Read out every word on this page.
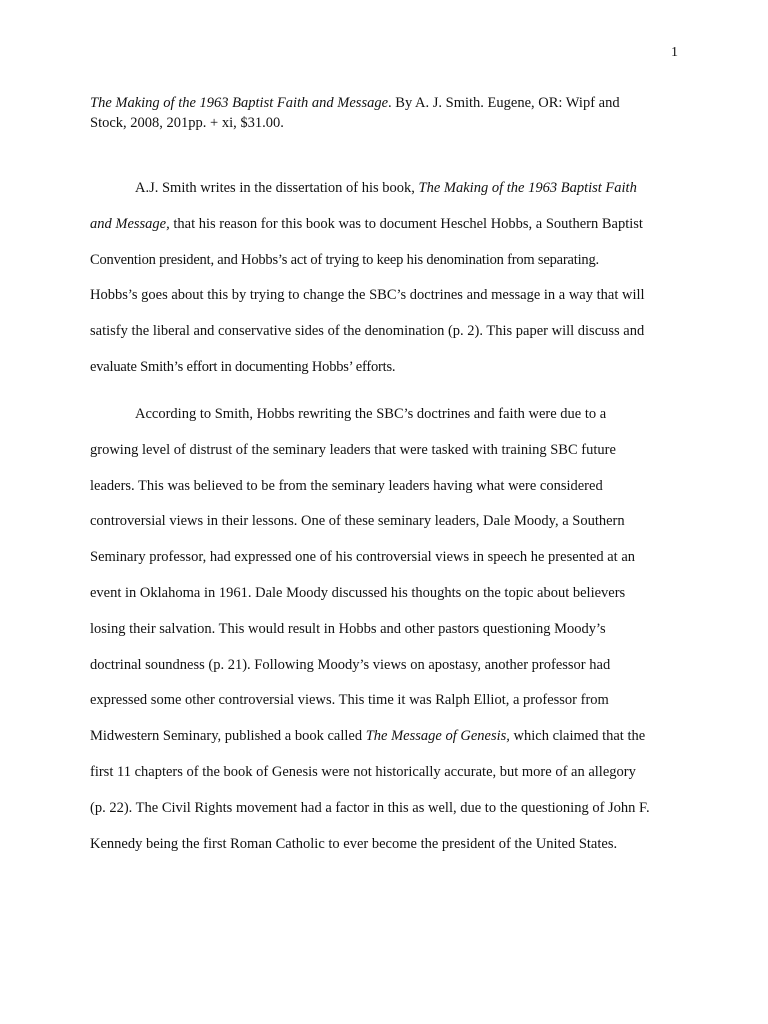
1
The Making of the 1963 Baptist Faith and Message. By A. J. Smith. Eugene, OR: Wipf and
Stock, 2008, 201pp. + xi, $31.00.
A.J. Smith writes in the dissertation of his book, The Making of the 1963 Baptist Faith
and Message, that his reason for this book was to document Heschel Hobbs, a Southern Baptist
Convention president, and Hobbs’s act of trying to keep his denomination from separating.
Hobbs’s goes about this by trying to change the SBC’s doctrines and message in a way that will
satisfy the liberal and conservative sides of the denomination (p. 2). This paper will discuss and
evaluate Smith’s effort in documenting Hobbs’ efforts.
According to Smith, Hobbs rewriting the SBC’s doctrines and faith were due to a
growing level of distrust of the seminary leaders that were tasked with training SBC future
leaders. This was believed to be from the seminary leaders having what were considered
controversial views in their lessons. One of these seminary leaders, Dale Moody, a Southern
Seminary professor, had expressed one of his controversial views in speech he presented at an
event in Oklahoma in 1961. Dale Moody discussed his thoughts on the topic about believers
losing their salvation. This would result in Hobbs and other pastors questioning Moody’s
doctrinal soundness (p. 21). Following Moody’s views on apostasy, another professor had
expressed some other controversial views. This time it was Ralph Elliot, a professor from
Midwestern Seminary, published a book called The Message of Genesis, which claimed that the
first 11 chapters of the book of Genesis were not historically accurate, but more of an allegory
(p. 22). The Civil Rights movement had a factor in this as well, due to the questioning of John F.
Kennedy being the first Roman Catholic to ever become the president of the United States.
